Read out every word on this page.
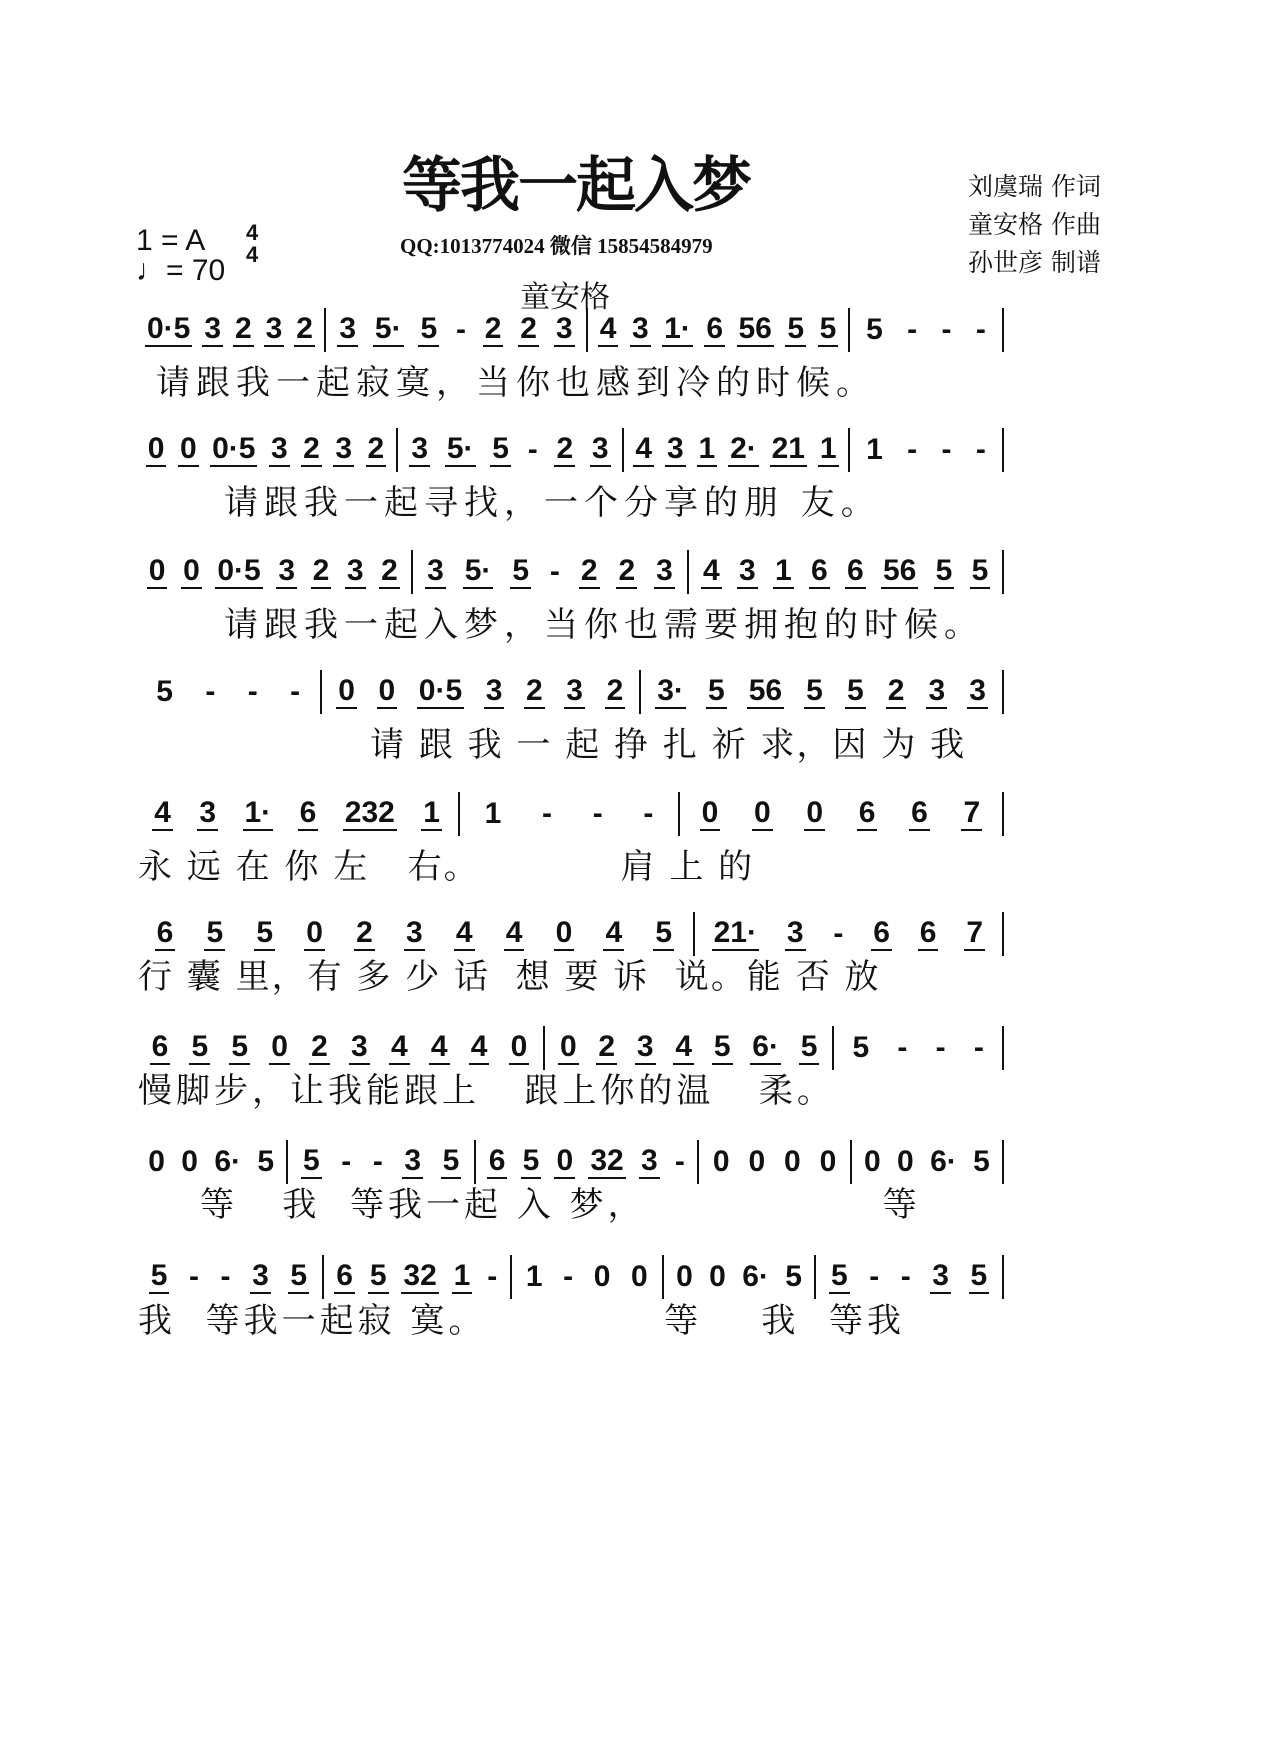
等我一起入梦
QQ:1013774024 微信 15854584979
童安格
刘虞瑞 作词
童安格 作曲
孙世彦 制谱
1 = A
♩= 70
4
4
0·5 3 2 3 2 3 5· 5 - 2 2 3 4 3 1· 6 56 5 5 5 - - -
请跟我一起寂寞，当你也感到冷的时候。
0 0 0·5 3 2 3 2 3 5· 5 - 2 3 4 3 1 2· 21 1 1 - - -
请跟我一起寻找，一个分享的朋 友。
0 0 0·5 3 2 3 2 3 5· 5 - 2 2 3 4 3 1 6 6 56 5 5
请跟我一起入梦，当你也需要拥抱的时候。
5 - - - 0 0 0·5 3 2 3 2 3· 5 56 5 5 2 3 3
请 跟 我 一 起 挣 扎 祈 求，因 为 我
4 3 1· 6 232 1 1 - - - 0 0 0 6 6 7
永 远 在 你 左   右。           肩 上 的
6 5 5 0 2 3 4 4 0 4 5 21· 3 - 6 6 7
行 囊 里，有 多 少 话  想 要 诉  说。能 否 放
6 5 5 0 2 3 4 4 4 0 0 2 3 4 5 6· 5 5 - - -
慢脚步，让我能跟上   跟上你的温   柔。
0 0 6· 5 5 - - 3 5 6 5 0 32 3 - 0 0 0 0 0 0 6· 5
等   我  等我一起 入 梦，                等
5 - - 3 5 6 5 32 1 - 1 - 0 0 0 0 6· 5 5 - - 3 5
我  等我一起寂 寞。            等    我  等我
